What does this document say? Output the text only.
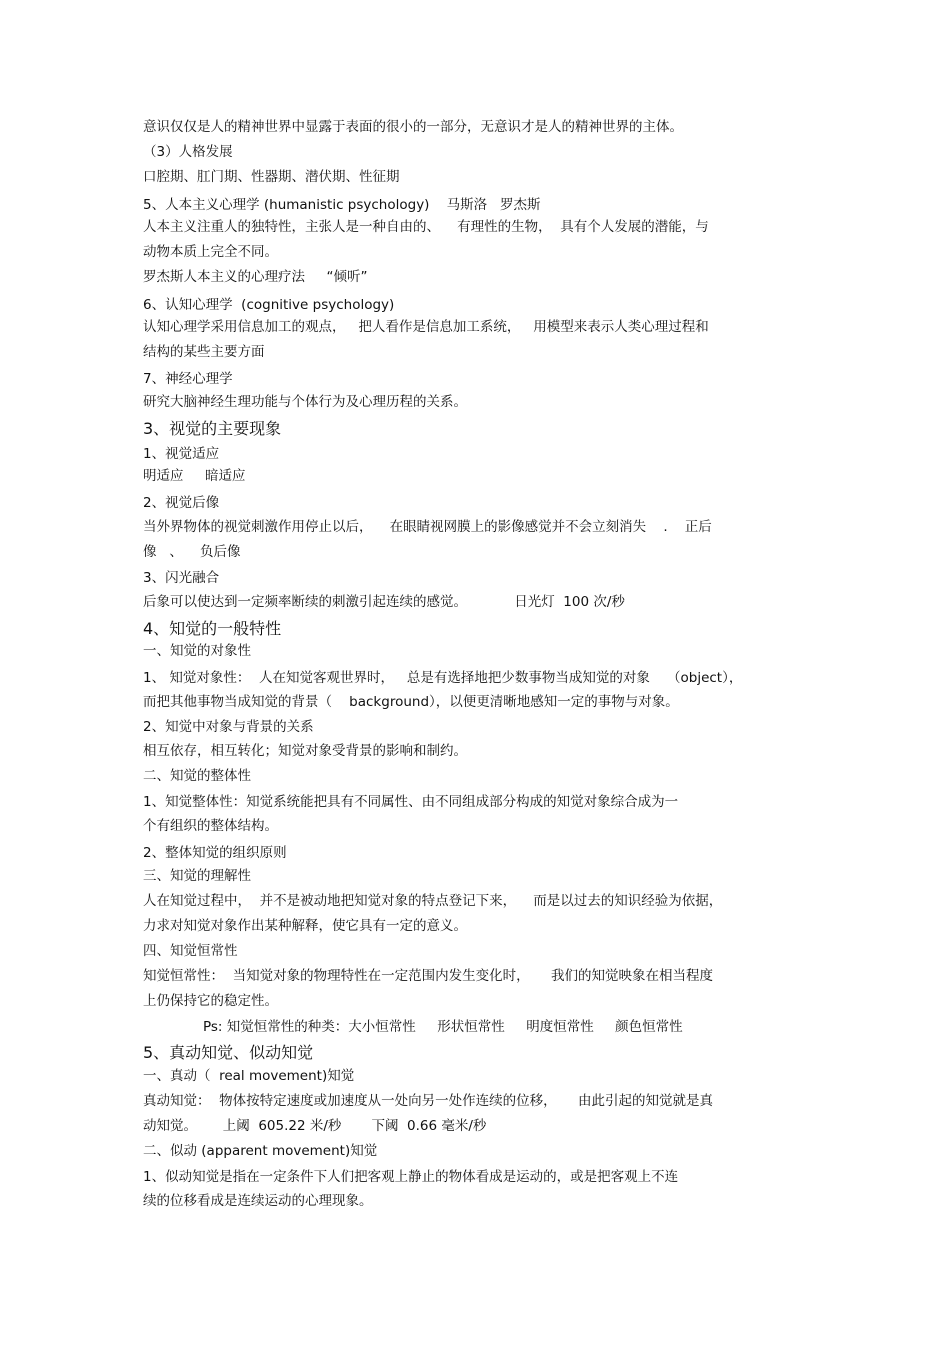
意识仅仅是人的精神世界中显露于表面的很小的一部分，无意识才是人的精神世界的主体。
（3）人格发展
口腔期、肛门期、性器期、潜伏期、性征期
5、人本主义心理学 (humanistic psychology)    马斯洛   罗杰斯
人本主义注重人的独特性，主张人是一种自由的、    有理性的生物，  具有个人发展的潜能，与
动物本质上完全不同。
罗杰斯人本主义的心理疗法     “倾听”
6、认知心理学  (cognitive psychology)
认知心理学采用信息加工的观点，   把人看作是信息加工系统，   用模型来表示人类心理过程和
结构的某些主要方面
7、神经心理学
研究大脑神经生理功能与个体行为及心理历程的关系。
3、视觉的主要现象
1、视觉适应
明适应     暗适应
2、视觉后像
当外界物体的视觉刺激作用停止以后，    在眼睛视网膜上的影像感觉并不会立刻消失    .    正后
像   、    负后像
3、闪光融合
后象可以使达到一定频率断续的刺激引起连续的感觉。           日光灯  100 次/秒
4、知觉的一般特性
一、知觉的对象性
1、 知觉对象性：  人在知觉客观世界时，   总是有选择地把少数事物当成知觉的对象    （object），
而把其他事物当成知觉的背景（    background），以便更清晰地感知一定的事物与对象。
2、知觉中对象与背景的关系
相互依存，相互转化；知觉对象受背景的影响和制约。
二、知觉的整体性
1、知觉整体性：知觉系统能把具有不同属性、由不同组成部分构成的知觉对象综合成为一
个有组织的整体结构。
2、整体知觉的组织原则
三、知觉的理解性
人在知觉过程中，  并不是被动地把知觉对象的特点登记下来，    而是以过去的知识经验为依据，
力求对知觉对象作出某种解释，使它具有一定的意义。
四、知觉恒常性
知觉恒常性：  当知觉对象的物理特性在一定范围内发生变化时，     我们的知觉映象在相当程度
上仍保持它的稳定性。
Ps: 知觉恒常性的种类：大小恒常性     形状恒常性     明度恒常性     颜色恒常性
5、真动知觉、似动知觉
一、真动（  real movement)知觉
真动知觉：  物体按特定速度或加速度从一处向另一处作连续的位移，     由此引起的知觉就是真
动知觉。      上阈  605.22 米/秒       下阈  0.66 毫米/秒
二、似动 (apparent movement)知觉
1、似动知觉是指在一定条件下人们把客观上静止的物体看成是运动的，或是把客观上不连
续的位移看成是连续运动的心理现象。
